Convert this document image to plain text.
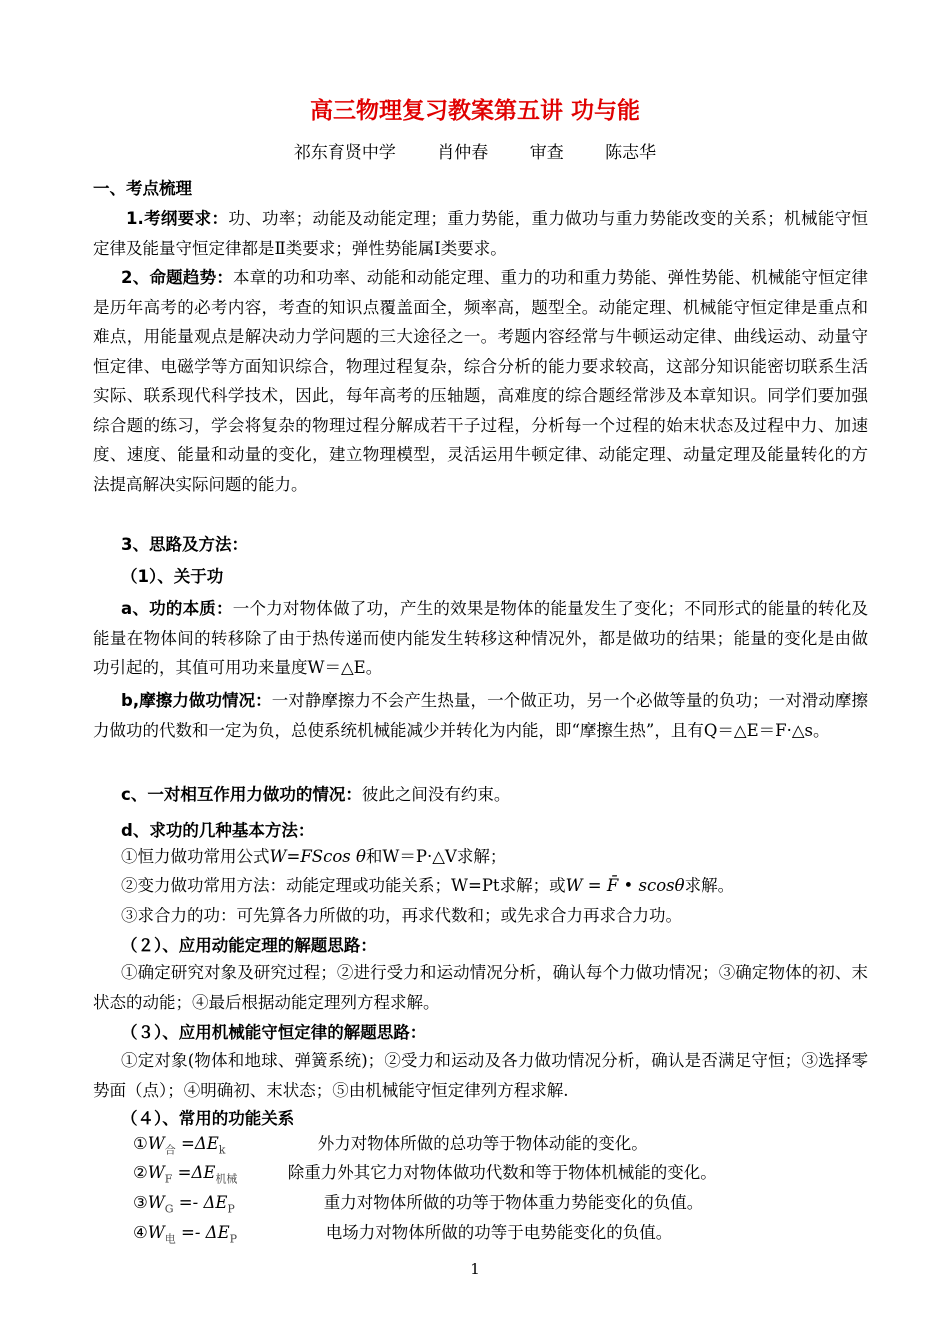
高三物理复习教案第五讲 功与能
祁东育贤中学 肖仲春 审查 陈志华
一、考点梳理
1.考纲要求：功、功率；动能及动能定理；重力势能，重力做功与重力势能改变的关系；机械能守恒定律及能量守恒定律都是Ⅱ类要求；弹性势能属Ⅰ类要求。
2、命题趋势：本章的功和功率、动能和动能定理、重力的功和重力势能、弹性势能、机械能守恒定律是历年高考的必考内容，考查的知识点覆盖面全，频率高，题型全。动能定理、机械能守恒定律是重点和难点，用能量观点是解决动力学问题的三大途径之一。考题内容经常与牛顿运动定律、曲线运动、动量守恒定律、电磁学等方面知识综合，物理过程复杂，综合分析的能力要求较高，这部分知识能密切联系生活实际、联系现代科学技术，因此，每年高考的压轴题，高难度的综合题经常涉及本章知识。同学们要加强综合题的练习，学会将复杂的物理过程分解成若干子过程，分析每一个过程的始末状态及过程中力、加速度、速度、能量和动量的变化，建立物理模型，灵活运用牛顿定律、动能定理、动量定理及能量转化的方法提高解决实际问题的能力。
3、思路及方法：
（1）、关于功
a、功的本质：一个力对物体做了功，产生的效果是物体的能量发生了变化；不同形式的能量的转化及能量在物体间的转移除了由于热传递而使内能发生转移这种情况外，都是做功的结果；能量的变化是由做功引起的，其值可用功来量度W＝△E。
b,摩擦力做功情况：一对静摩擦力不会产生热量，一个做正功，另一个必做等量的负功；一对滑动摩擦力做功的代数和一定为负，总使系统机械能减少并转化为内能，即“摩擦生热”，且有Q＝△E＝F·△s。
c、一对相互作用力做功的情况：彼此之间没有约束。
d、求功的几种基本方法：
①恒力做功常用公式W=FScos θ和W＝P·△V求解；
②变力做功常用方法：动能定理或功能关系；W=Pt求解；或W = F̄ • scosθ求解。
③求合力的功：可先算各力所做的功，再求代数和；或先求合力再求合力功。
（２）、应用动能定理的解题思路：
①确定研究对象及研究过程；②进行受力和运动情况分析，确认每个力做功情况；③确定物体的初、末状态的动能；④最后根据动能定理列方程求解。
（３）、应用机械能守恒定律的解题思路：
①定对象(物体和地球、弹簧系统)；②受力和运动及各力做功情况分析，确认是否满足守恒；③选择零势面（点）；④明确初、末状态；⑤由机械能守恒定律列方程求解.
（４）、常用的功能关系
$①W_合 =\Delta E_k$	外力对物体所做的总功等于物体动能的变化。
$②W_F =\Delta E_{机械}$	除重力外其它力对物体做功代数和等于物体机械能的变化。
$③W_G =- \Delta E_P$	重力对物体所做的功等于物体重力势能变化的负值。
$④W_电 =- \Delta E_P$	电场力对物体所做的功等于电势能变化的负值。
1
